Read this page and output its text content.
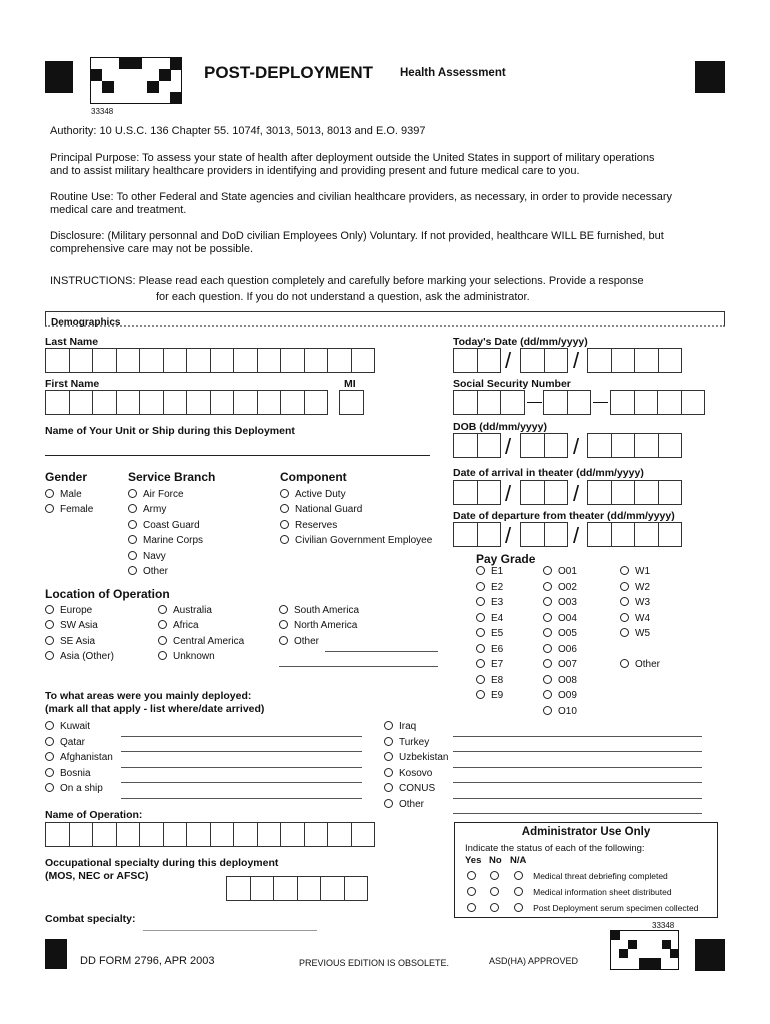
33348
POST-DEPLOYMENT Health Assessment
Authority: 10 U.S.C. 136 Chapter 55. 1074f, 3013, 5013, 8013 and E.O. 9397
Principal Purpose: To assess your state of health after deployment outside the United States in support of military operations
and to assist military healthcare providers in identifying and providing present and future medical care to you.
Routine Use: To other Federal and State agencies and civilian healthcare providers, as necessary, in order to provide necessary
medical care and treatment.
Disclosure: (Military personnal and DoD civilian Employees Only) Voluntary. If not provided, healthcare WILL BE furnished, but
comprehensive care may not be possible.
INSTRUCTIONS: Please read each question completely and carefully before marking your selections. Provide a response
for each question. If you do not understand a question, ask the administrator.
Demographics
Last Name
First Name	MI
Name of Your Unit or Ship during this Deployment
Today's Date (dd/mm/yyyy)
/	/
Social Security Number
DOB (dd/mm/yyyy)
/	/
Date of arrival in theater (dd/mm/yyyy)
/	/
Date of departure from theater (dd/mm/yyyy)
/	/
Gender
Male
Female
Service Branch
Air Force
Army
Coast Guard
Marine Corps
Navy
Other
Component
Active Duty
National Guard
Reserves
Civilian Government Employee
Pay Grade
E1
E2
E3
E4
E5
E6
E7
E8
E9
O01
O02
O03
O04
O05
O06
O07
O08
O09
O10
W1
W2
W3
W4
W5
Other
Location of Operation
Europe
SW Asia
SE Asia
Asia (Other)
Australia
Africa
Central America
Unknown
South America
North America
Other
To what areas were you mainly deployed:
(mark all that apply - list where/date arrived)
Kuwait
Qatar
Afghanistan
Bosnia
On a ship
Iraq
Turkey
Uzbekistan
Kosovo
CONUS
Other
Name of Operation:
Occupational specialty during this deployment
(MOS, NEC or AFSC)
Combat specialty:
Administrator Use Only
Indicate the status of each of the following:
Yes No N/A
Medical threat debriefing completed
Medical information sheet distributed
Post Deployment serum specimen collected
33348
DD FORM 2796, APR 2003	PREVIOUS EDITION IS OBSOLETE.	ASD(HA) APPROVED
